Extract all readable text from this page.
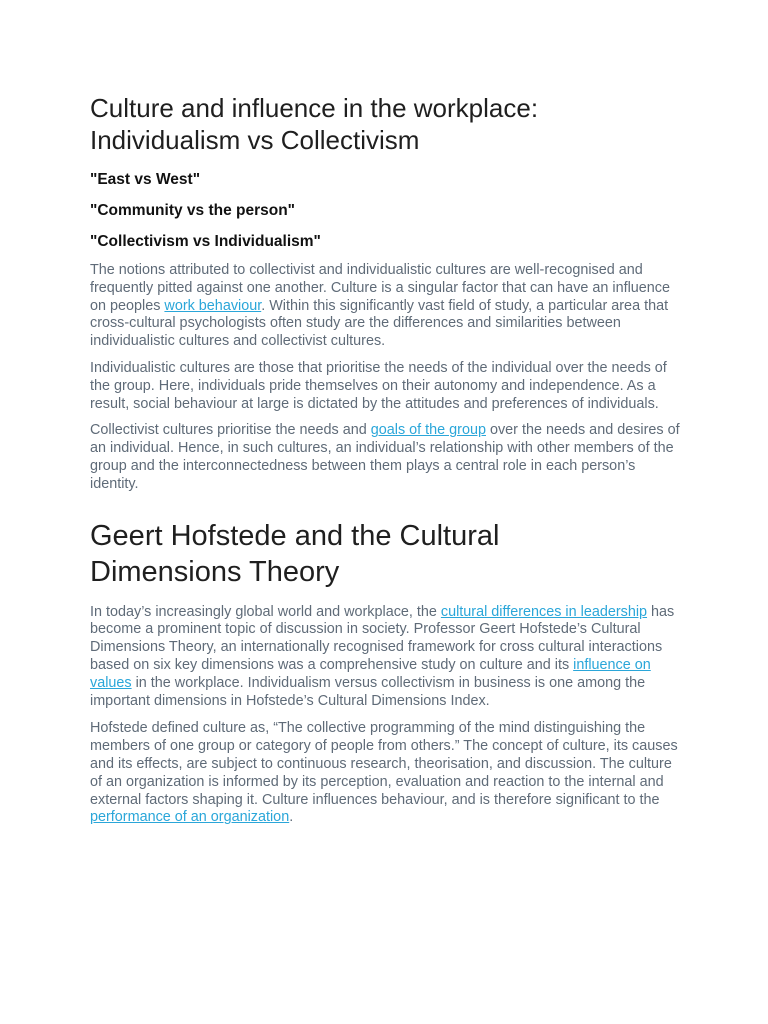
Culture and influence in the workplace:
Individualism vs Collectivism

"East vs West"

"Community vs the person"

"Collectivism vs Individualism"

The notions attributed to collectivist and individualistic cultures are well-recognised and frequently pitted against one another. Culture is a singular factor that can have an influence on peoples work behaviour. Within this significantly vast field of study, a particular area that cross-cultural psychologists often study are the differences and similarities between individualistic cultures and collectivist cultures.

Individualistic cultures are those that prioritise the needs of the individual over the needs of the group. Here, individuals pride themselves on their autonomy and independence. As a result, social behaviour at large is dictated by the attitudes and preferences of individuals.

Collectivist cultures prioritise the needs and goals of the group over the needs and desires of an individual. Hence, in such cultures, an individual’s relationship with other members of the group and the interconnectedness between them plays a central role in each person’s identity.

Geert Hofstede and the Cultural
Dimensions Theory

In today’s increasingly global world and workplace, the cultural differences in leadership has become a prominent topic of discussion in society. Professor Geert Hofstede’s Cultural Dimensions Theory, an internationally recognised framework for cross cultural interactions based on six key dimensions was a comprehensive study on culture and its influence on values in the workplace. Individualism versus collectivism in business is one among the important dimensions in Hofstede’s Cultural Dimensions Index.

Hofstede defined culture as, “The collective programming of the mind distinguishing the members of one group or category of people from others.” The concept of culture, its causes and its effects, are subject to continuous research, theorisation, and discussion. The culture of an organization is informed by its perception, evaluation and reaction to the internal and external factors shaping it. Culture influences behaviour, and is therefore significant to the performance of an organization.
